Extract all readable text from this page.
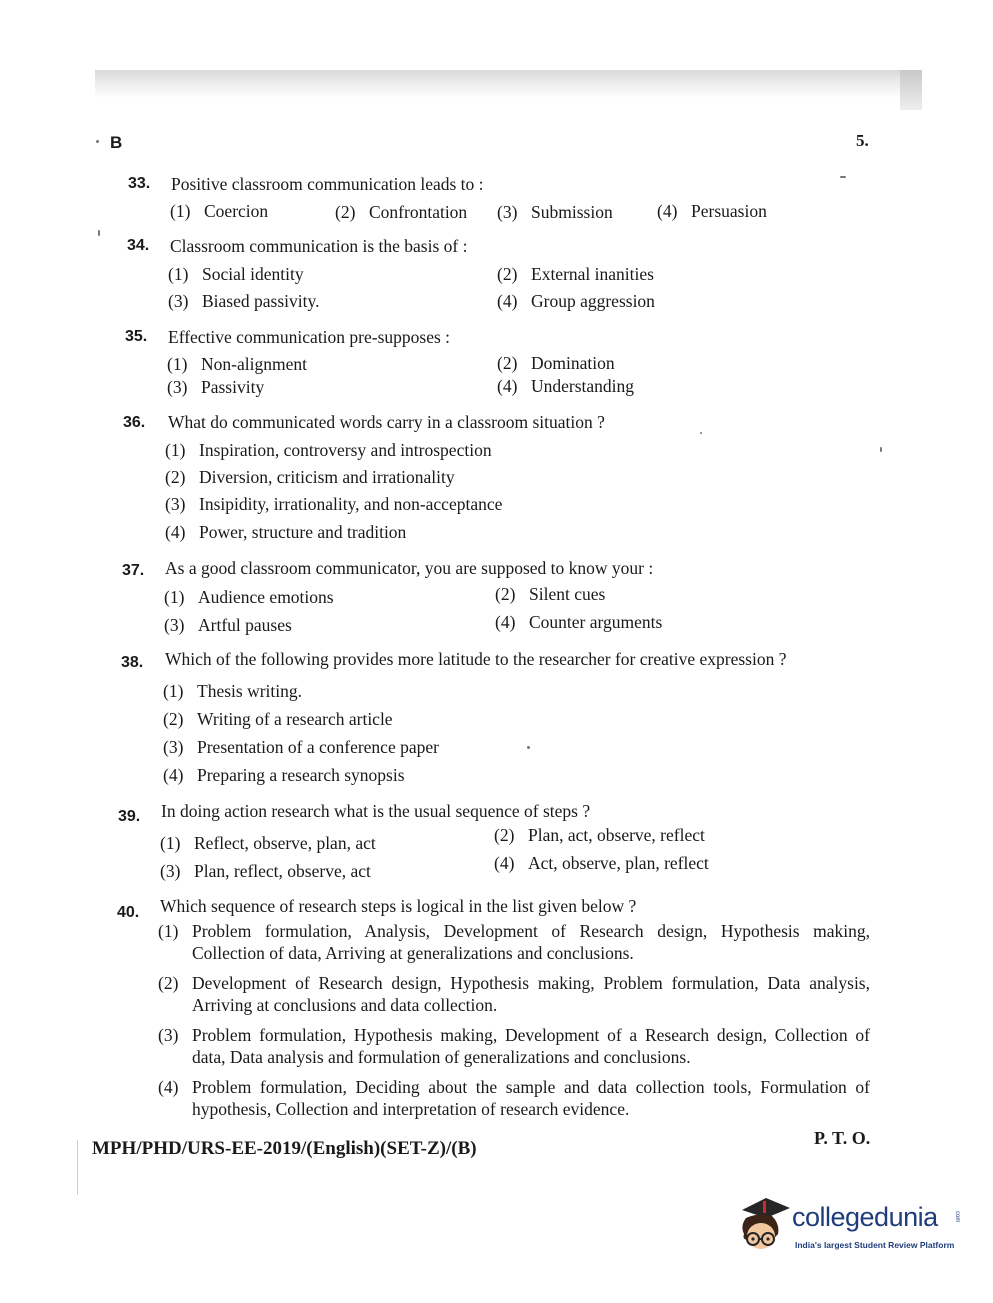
B	5.
33. Positive classroom communication leads to :
(1) Coercion	(2) Confrontation (3) Submission	(4) Persuasion
34. Classroom communication is the basis of :
(1) Social identity	(2) External inanities
(3) Biased passivity.	(4) Group aggression
35. Effective communication pre-supposes :
(1) Non-alignment	(2) Domination
(3) Passivity	(4) Understanding
36. What do communicated words carry in a classroom situation ?
(1) Inspiration, controversy and introspection
(2) Diversion, criticism and irrationality
(3) Insipidity, irrationality, and non-acceptance
(4) Power, structure and tradition
37. As a good classroom communicator, you are supposed to know your :
(1) Audience emotions	(2) Silent cues
(3) Artful pauses	(4) Counter arguments
38. Which of the following provides more latitude to the researcher for creative expression ?
(1) Thesis writing.
(2) Writing of a research article
(3) Presentation of a conference paper
(4) Preparing a research synopsis
39. In doing action research what is the usual sequence of steps ?
(1) Reflect, observe, plan, act	(2) Plan, act, observe, reflect
(3) Plan, reflect, observe, act	(4) Act, observe, plan, reflect
40. Which sequence of research steps is logical in the list given below ?
(1) Problem formulation, Analysis, Development of Research design, Hypothesis making, Collection of data, Arriving at generalizations and conclusions.
(2) Development of Research design, Hypothesis making, Problem formulation, Data analysis, Arriving at conclusions and data collection.
(3) Problem formulation, Hypothesis making, Development of a Research design, Collection of data, Data analysis and formulation of generalizations and conclusions.
(4) Problem formulation, Deciding about the sample and data collection tools, Formulation of hypothesis, Collection and interpretation of research evidence.
MPH/PHD/URS-EE-2019/(English)(SET-Z)/(B)	P. T. O.
collegedunia	com
India's largest Student Review Platform
